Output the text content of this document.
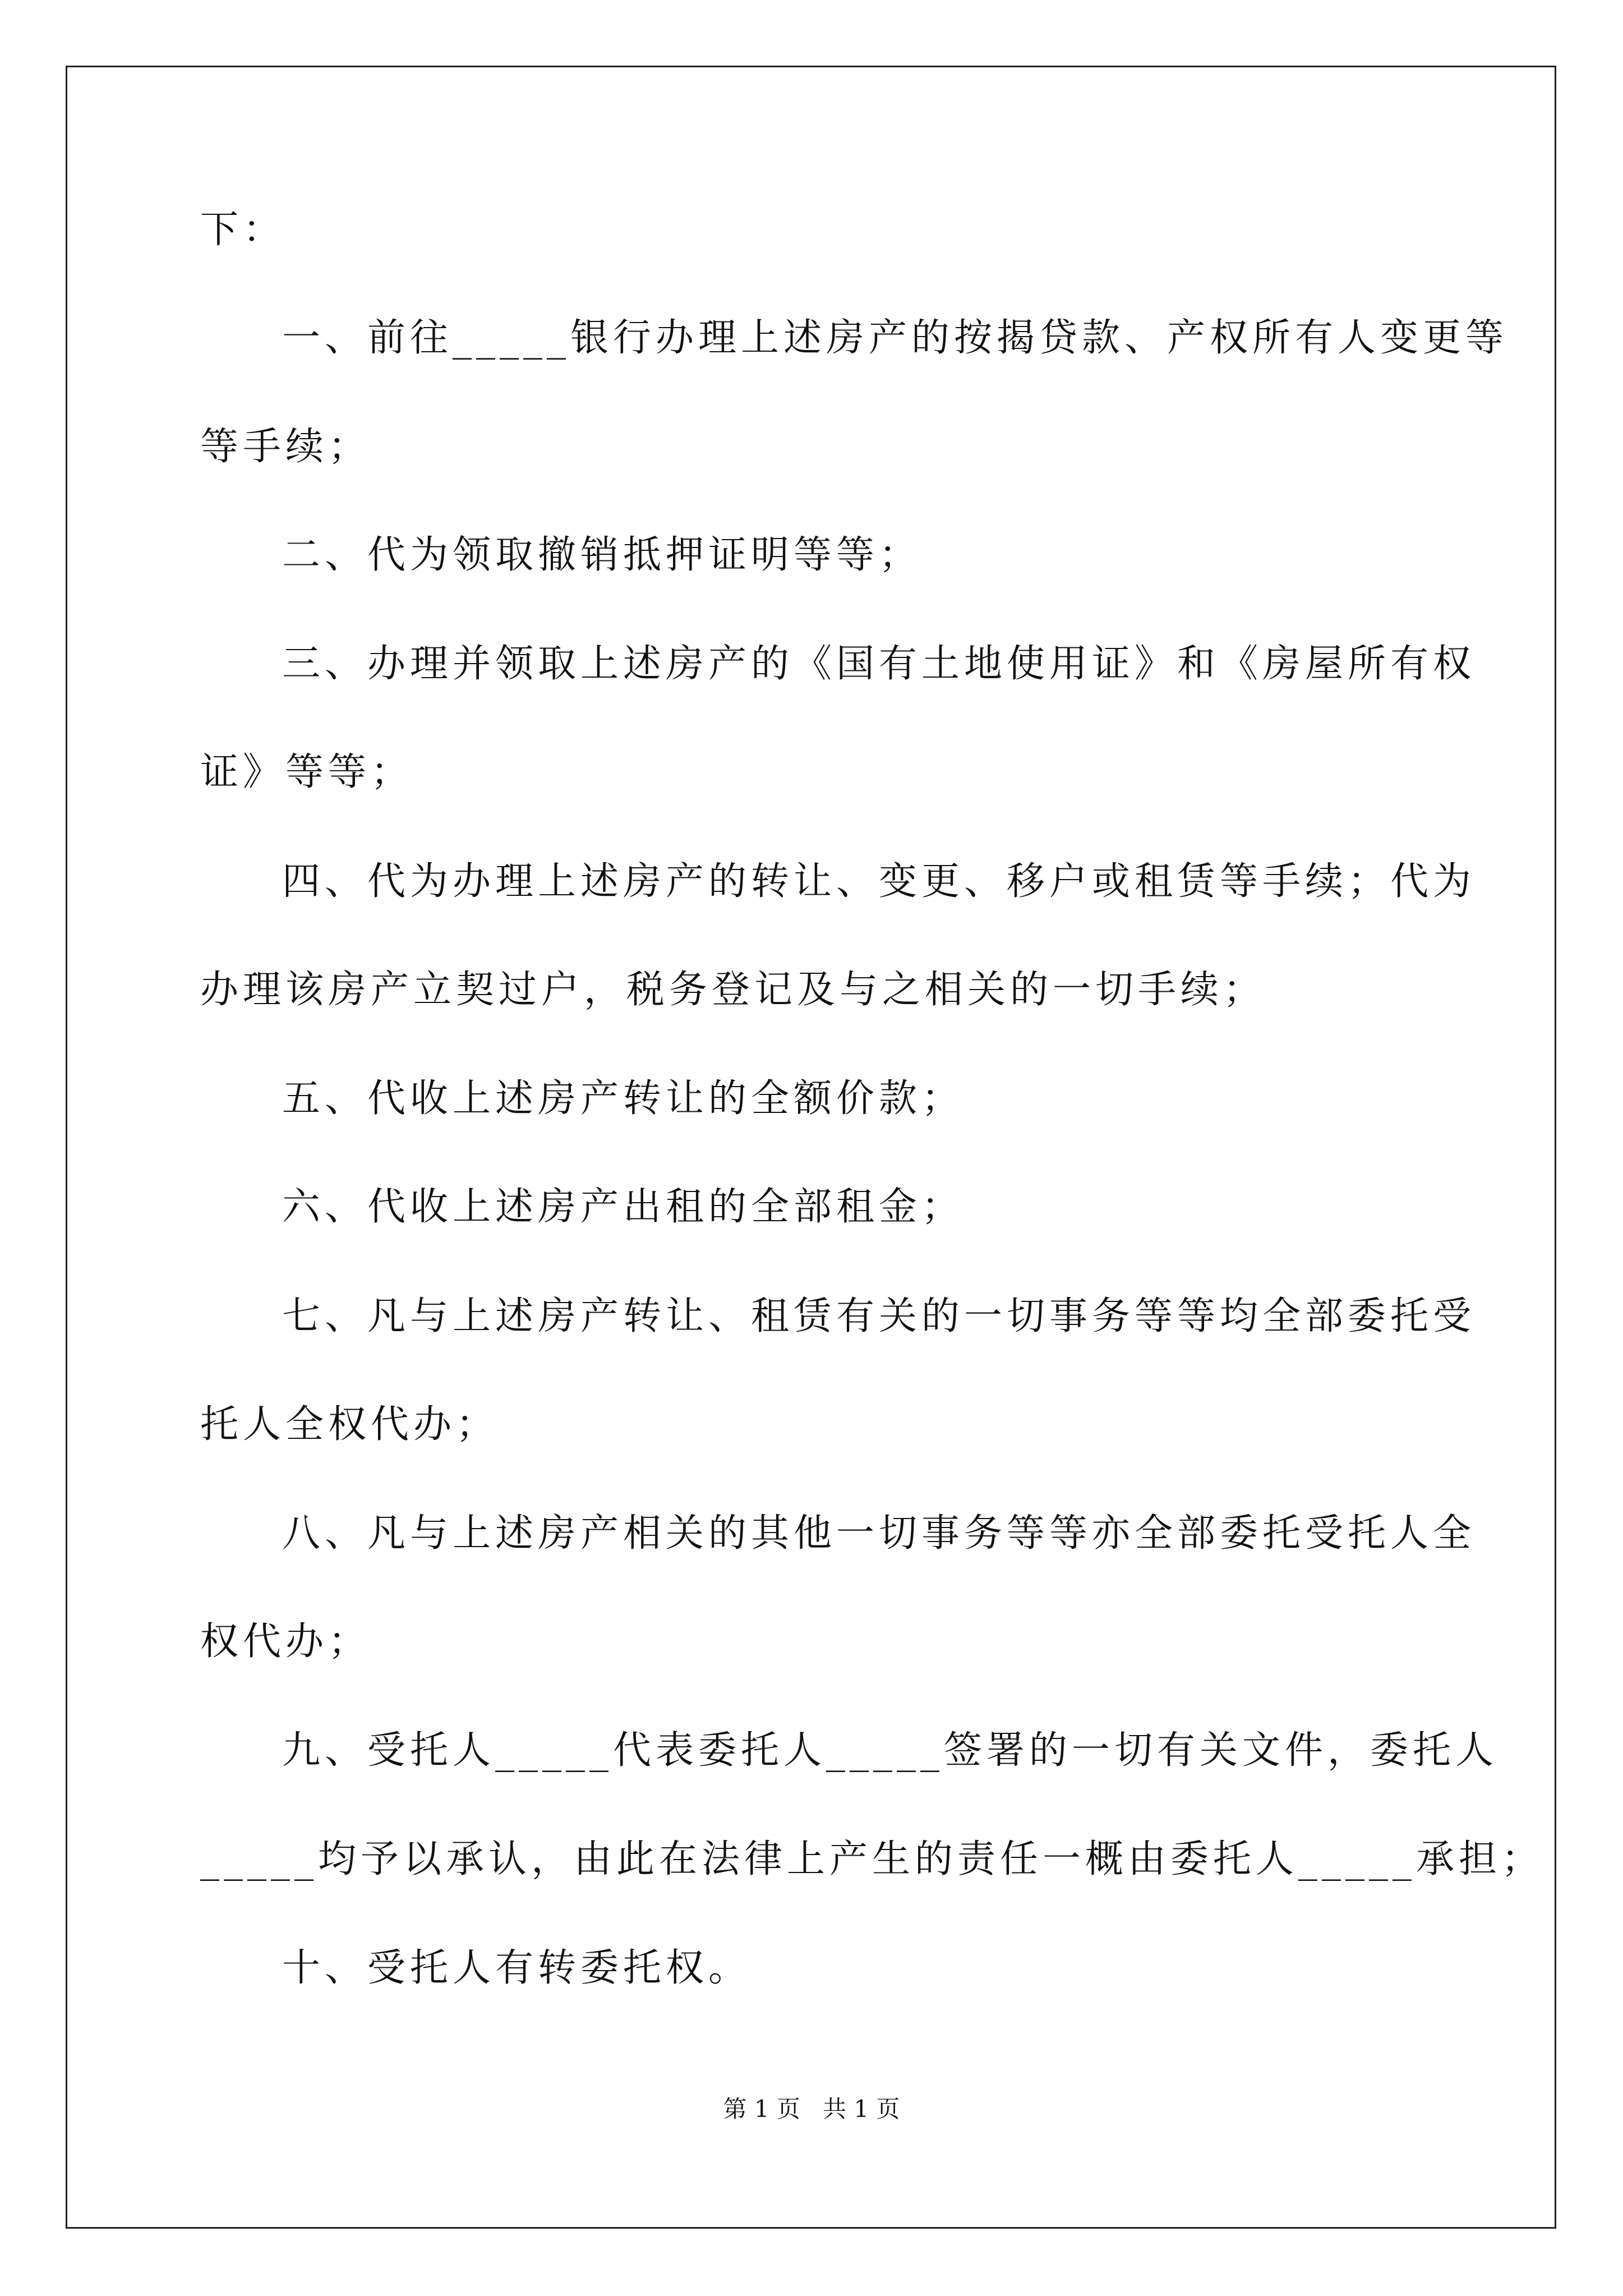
下：
一、前往_____银行办理上述房产的按揭贷款、产权所有人变更等
等手续；
二、代为领取撤销抵押证明等等；
三、办理并领取上述房产的《国有土地使用证》和《房屋所有权
证》等等；
四、代为办理上述房产的转让、变更、移户或租赁等手续；代为
办理该房产立契过户，税务登记及与之相关的一切手续；
五、代收上述房产转让的全额价款；
六、代收上述房产出租的全部租金；
七、凡与上述房产转让、租赁有关的一切事务等等均全部委托受
托人全权代办；
八、凡与上述房产相关的其他一切事务等等亦全部委托受托人全
权代办；
九、受托人_____代表委托人_____签署的一切有关文件，委托人
_____均予以承认，由此在法律上产生的责任一概由委托人_____承担；
十、受托人有转委托权。
第 1 页   共 1 页
